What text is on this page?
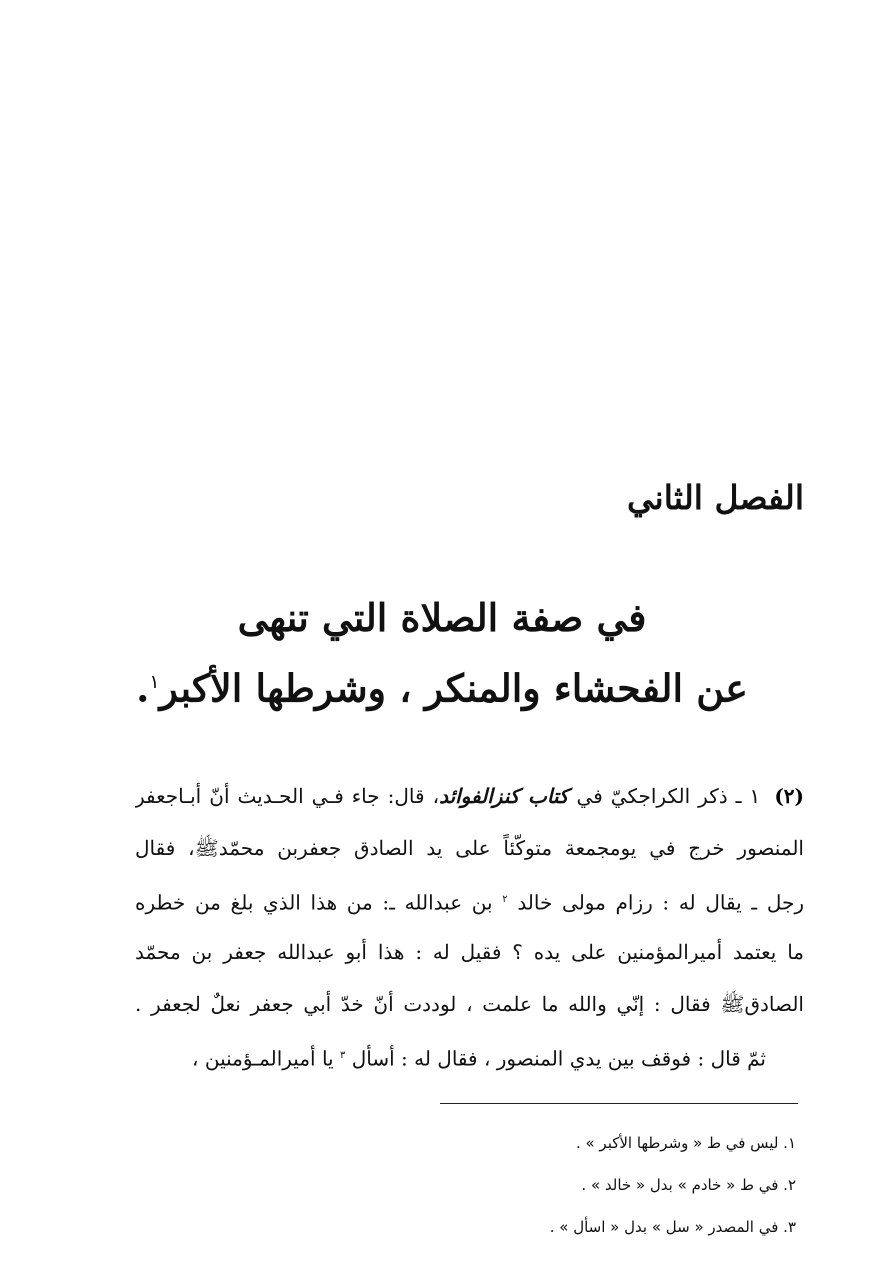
الفصل الثاني
في صفة الصلاة التي تنهى
عن الفحشاء والمنكر ، وشرطها الأكبر$^١$.
(٢) ١ ـ ذكر الكراجكيّ في كتاب كنزالفوائد، قال: جاء فـي الحـديث أنّ أبـاجعفر
المنصور خرج في يومجمعة متوكّئاً على يد الصادق جعفربن محمّدﷺ، فقال
رجل ـ يقال له : رزام مولى خالد $^٢$ بن عبدالله ـ: من هذا الذي بلغ من خطره
ما يعتمد أميرالمؤمنين على يده ؟ فقيل له : هذا أبو عبدالله جعفر بن محمّد
الصادقﷺ فقال : إنّي والله ما علمت ، لوددت أنّ خدّ أبي جعفر نعلٌ لجعفر .
ثمّ قال : فوقف بين يدي المنصور ، فقال له : أسأل $^٣$ يا أميرالمـؤمنين ،
١. ليس في ط « وشرطها الأكبر » .
٢. في ط « خادم » بدل « خالد » .
٣. في المصدر « سل » بدل « اسأل » .
